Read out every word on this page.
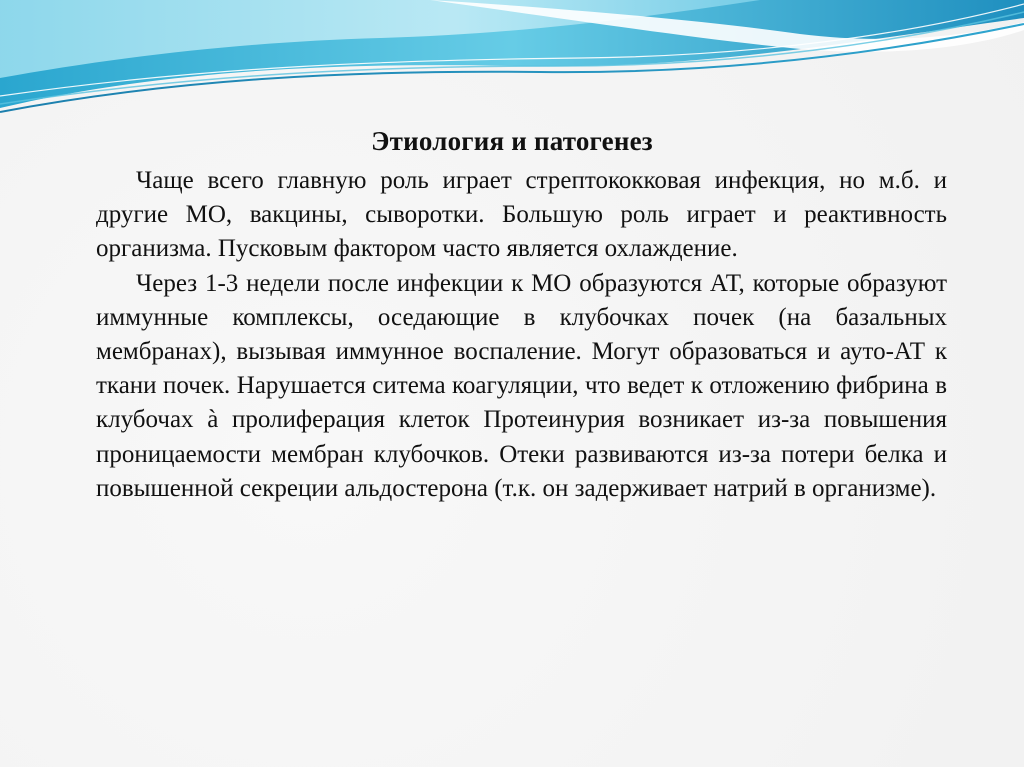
Этиология и патогенез

Чаще всего главную роль играет стрептококковая инфекция, но м.б. и другие МО, вакцины, сыворотки. Большую роль играет и реактивность организма. Пусковым фактором часто является охлаждение.

Через 1-3 недели после инфекции к МО образуются АТ, которые образуют иммунные комплексы, оседающие в клубочках почек (на базальных мембранах), вызывая иммунное воспаление. Могут образоваться и ауто-АТ к ткани почек. Нарушается ситема коагуляции, что ведет к отложению фибрина в клубочах à пролиферация клеток Протеинурия возникает из-за повышения проницаемости мембран клубочков. Отеки развиваются из-за потери белка и повышенной секреции альдостерона (т.к. он задерживает натрий в организме).
